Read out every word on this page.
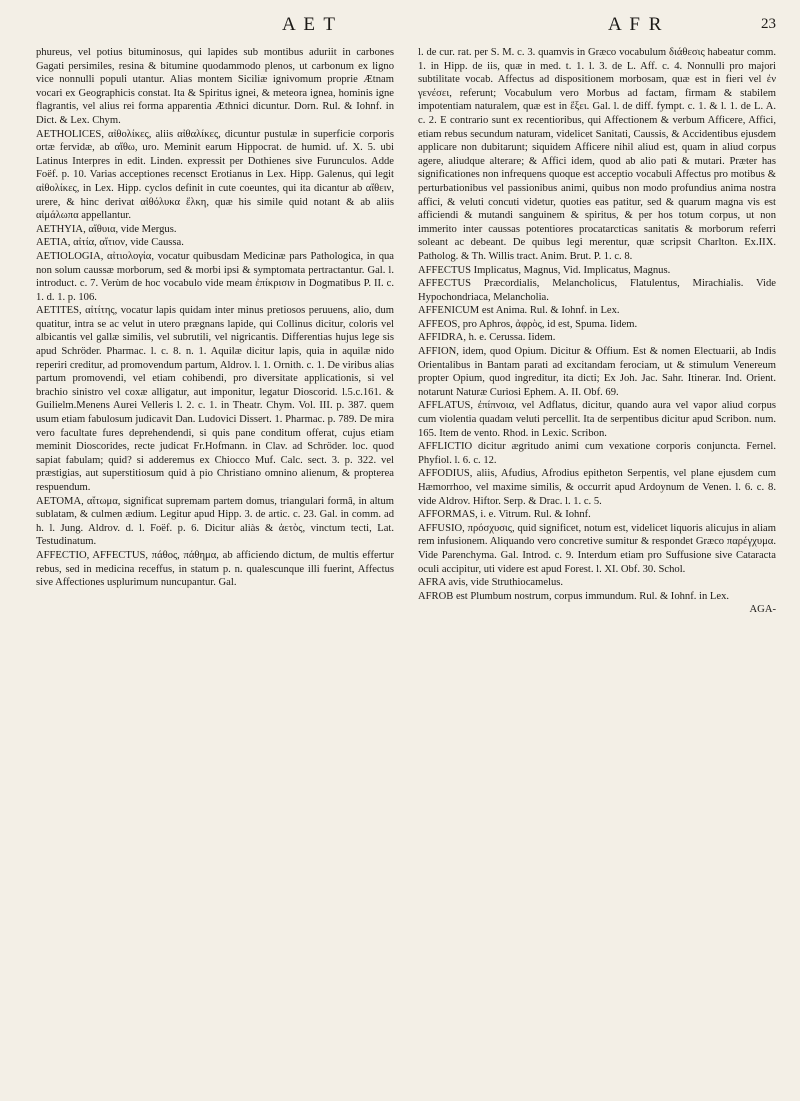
A E T	A F R	23

phureus, vel potius bituminosus, qui lapides sub montibus aduriit in carbones Gagati persimiles, resina & bitumine quodammodo plenos, ut carbonum ex ligno vice nonnulli populi utantur. Alias montem Siciliæ ignivomum proprie Ætnam vocari ex Geographicis constat. Ita & Spiritus ignei, & meteora ignea, hominis igne flagrantis, vel alius rei forma apparentia Æthnici dicuntur. Dorn. Rul. & Iohnf. in Dict. & Lex. Chym.

AETHOLICES, αἰθολίκες, aliis αἰθαλίκες, dicuntur pustulæ in superficie corporis ortæ fervidæ, ab αἴθω, uro. Meminit earum Hippocrat. de humid. uf. X. 5. ubi Latinus Interpres in edit. Linden. expressit per Dothienes sive Furunculos. Adde Foëf. p. 10. Varias acceptiones recensct Erotianus in Lex. Hipp. Galenus, qui legit αἰθολίκες, in Lex. Hipp. cyclos definit in cute coeuntes, qui ita dicantur ab αἴθειν, urere, & hinc derivat αἰθόλυκα ἕλκη, quæ his simile quid notant & ab aliis αἰμάλωπα appellantur.

AETHYIA, αἴθυια, vide Mergus.

AETIA, αἰτία, αἴτιον, vide Caussa.

AETIOLOGIA, αἰτιολογία, vocatur quibusdam Medicinæ pars Pathologica, in qua non solum caussæ morborum, sed & morbi ipsi & symptomata pertractantur. Gal. l. introduct. c. 7. Verùm de hoc vocabulo vide meam ἐπίκρισιν in Dogmatibus P. II. c. 1. d. 1. p. 106.

AETITES, αἰτίτης, vocatur lapis quidam inter minus pretiosos peruuens, alio, dum quatitur, intra se ac velut in utero prægnans lapide, qui Collinus dicitur, coloris vel albicantis vel gallæ similis, vel subrutili, vel nigricantis. Differentias hujus lege sis apud Schröder. Pharmac. l. c. 8. n. 1. Aquilæ dicitur lapis, quia in aquilæ nido reperiri creditur, ad promovendum partum, Aldrov. l. 1. Ornith. c. 1. De viribus alias partum promovendi, vel etiam cohibendi, pro diversitate applicationis, si vel brachio sinistro vel coxæ alligatur, aut imponitur, legatur Dioscorid. l.5.c.161. & Guilielm.Menens Aurei Velleris l. 2. c. 1. in Theatr. Chym. Vol. III. p. 387. quem usum etiam fabulosum judicavit Dan. Ludovici Dissert. 1. Pharmac. p. 789. De mira vero facultate fures deprehendendi, si quis pane conditum offerat, cujus etiam meminit Dioscorides, recte judicat Fr.Hofmann. in Clav. ad Schröder. loc. quod sapiat fabulam; quid? si adderemus ex Chiocco Muf. Calc. sect. 3. p. 322. vel præstigias, aut superstitiosum quid à pio Christiano omnino alienum, & propterea respuendum.

AETOMA, αἴτωμα, significat supremam partem domus, triangulari formâ, in altum sublatam, & culmen ædium. Legitur apud Hipp. 3. de artic. c. 23. Gal. in comm. ad h. l. Jung. Aldrov. d. l. Foëf. p. 6. Dicitur aliàs & ἀετὸς, vinctum tecti, Lat. Testudinatum.

AFFECTIO, AFFECTUS, πάθος, πάθημα, ab afficiendo dictum, de multis effertur rebus, sed in medicina receffus, in statum p. n. qualescunque illi fuerint, Affectus sive Affectiones usplurimum nuncupantur. Gal.

l. de cur. rat. per S. M. c. 3. quamvis in Græco vocabulum διάθεσις habeatur comm. 1. in Hipp. de iis, quæ in med. t. 1. l. 3. de L. Aff. c. 4. Nonnulli pro majori subtilitate vocab. Affectus ad dispositionem morbosam, quæ est in fieri vel ἐν γενέσει, referunt; Vocabulum vero Morbus ad factam, firmam & stabilem impotentiam naturalem, quæ est in ἕξει. Gal. l. de diff. fympt. c. 1. & l. 1. de L. A. c. 2. E contrario sunt ex recentioribus, qui Affectionem & verbum Afficere, Affici, etiam rebus secundum naturam, videlicet Sanitati, Caussis, & Accidentibus ejusdem applicare non dubitarunt; siquidem Afficere nihil aliud est, quam in aliud corpus agere, aliudque alterare; & Affici idem, quod ab alio pati & mutari. Præter has significationes non infrequens quoque est acceptio vocabuli Affectus pro motibus & perturbationibus vel passionibus animi, quibus non modo profundius anima nostra affici, & veluti concuti videtur, quoties eas patitur, sed & quarum magna vis est afficiendi & mutandi sanguinem & spiritus, & per hos totum corpus, ut non immerito inter caussas potentiores procatarcticas sanitatis & morborum referri soleant ac debeant. De quibus legi merentur, quæ scripsit Charlton. Ex.IIX. Patholog. & Th. Willis tract. Anim. Brut. P. 1. c. 8.

AFFECTUS Implicatus, Magnus, Vid. Implicatus, Magnus.

AFFECTUS Præcordialis, Melancholicus, Flatulentus, Mirachialis. Vide Hypochondriaca, Melancholia.

AFFENICUM est Anima. Rul. & Iohnf. in Lex.

AFFEOS, pro Aphros, ἀφρὸς, id est, Spuma. Iidem.

AFFIDRA, h. e. Cerussa. Iidem.

AFFION, idem, quod Opium. Dicitur & Offium. Est & nomen Electuarii, ab Indis Orientalibus in Bantam parati ad excitandam ferociam, ut & stimulum Venereum propter Opium, quod ingreditur, ita dicti; Ex Joh. Jac. Sahr. Itinerar. Ind. Orient. notarunt Naturæ Curiosi Ephem. A. II. Obf. 69.

AFFLATUS, ἐπίπνοια, vel Adflatus, dicitur, quando aura vel vapor aliud corpus cum violentia quadam veluti percellit. Ita de serpentibus dicitur apud Scribon. num. 165. Item de vento. Rhod. in Lexic. Scribon.

AFFLICTIO dicitur ægritudo animi cum vexatione corporis conjuncta. Fernel. Phyfiol. l. 6. c. 12.

AFFODIUS, aliis, Afudius, Afrodius epitheton Serpentis, vel plane ejusdem cum Hæmorrhoo, vel maxime similis, & occurrit apud Ardoynum de Venen. l. 6. c. 8. vide Aldrov. Hiftor. Serp. & Drac. l. 1. c. 5.

AFFORMAS, i. e. Vitrum. Rul. & Iohnf.

AFFUSIO, πρόσχυσις, quid significet, notum est, videlicet liquoris alicujus in aliam rem infusionem. Aliquando vero concretive sumitur & respondet Græco παρέγχυμα. Vide Parenchyma. Gal. Introd. c. 9. Interdum etiam pro Suffusione sive Cataracta oculi accipitur, uti videre est apud Forest. l. XI. Obf. 30. Schol.

AFRA avis, vide Struthiocamelus.

AFROB est Plumbum nostrum, corpus immundum. Rul. & Iohnf. in Lex.

AGA-
